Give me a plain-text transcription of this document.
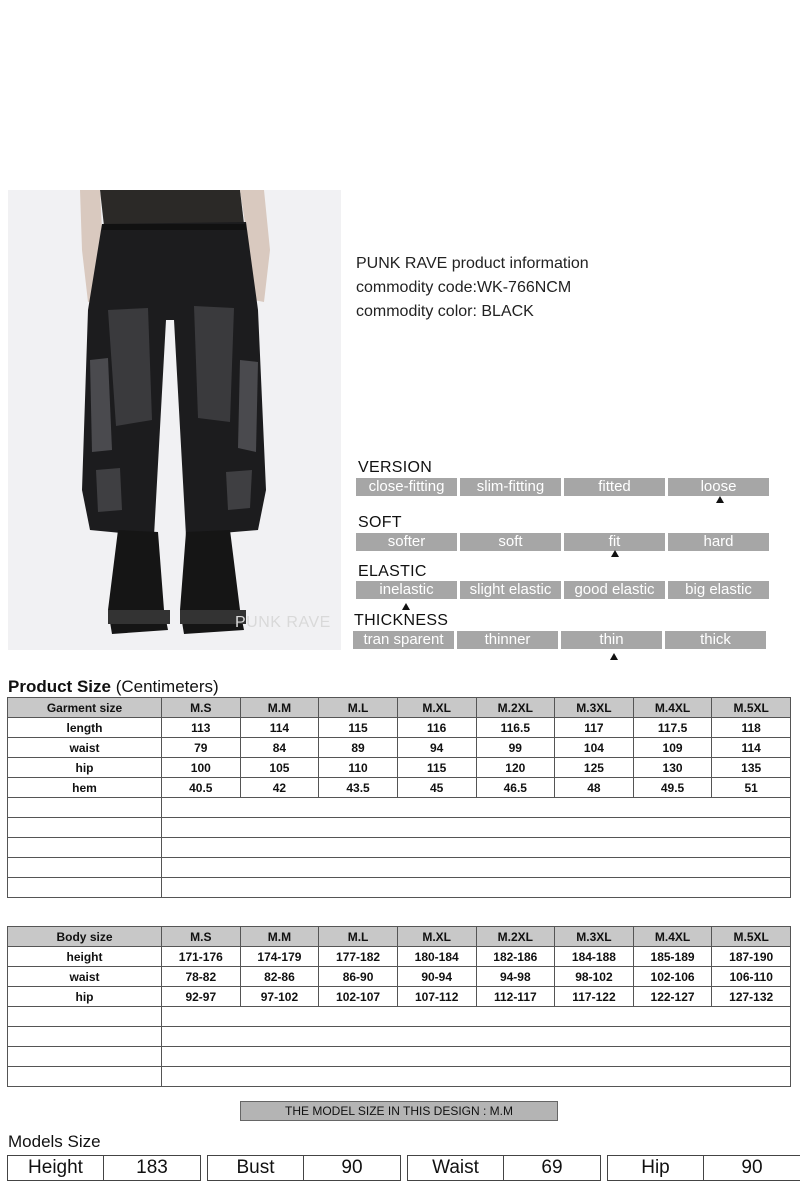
PUNK RAVE
PUNK RAVE product information
commodity code:WK-766NCM
commodity color: BLACK
VERSION
close-fitting	slim-fitting	fitted	loose
SOFT
softer	soft	fit	hard
ELASTIC
inelastic	slight elastic	good elastic	big elastic
THICKNESS
tran sparent	thinner	thin	thick
Product Size (Centimeters)
Garment size	M.S	M.M	M.L	M.XL	M.2XL	M.3XL	M.4XL	M.5XL
length	113	114	115	116	116.5	117	117.5	118
waist	79	84	89	94	99	104	109	114
hip	100	105	110	115	120	125	130	135
hem	40.5	42	43.5	45	46.5	48	49.5	51

Body size	M.S	M.M	M.L	M.XL	M.2XL	M.3XL	M.4XL	M.5XL
height	171-176	174-179	177-182	180-184	182-186	184-188	185-189	187-190
waist	78-82	82-86	86-90	90-94	94-98	98-102	102-106	106-110
hip	92-97	97-102	102-107	107-112	112-117	117-122	122-127	127-132

THE MODEL SIZE IN THIS DESIGN : M.M
Models Size
Height	183	Bust	90	Waist	69	Hip	90
